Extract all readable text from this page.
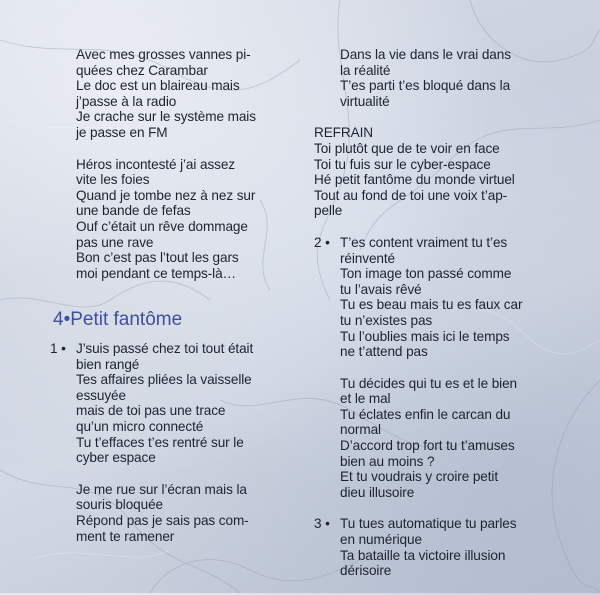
Avec mes grosses vannes pi-
quées chez Carambar
Le doc est un blaireau mais
j’passe à la radio
Je crache sur le système mais
je passe en FM
Héros incontesté j’ai assez
vite les foies
Quand je tombe nez à nez sur
une bande de fefas
Ouf c’était un rêve dommage
pas une rave
Bon c’est pas l’tout les gars
moi pendant ce temps-là…
4•Petit fantôme
1 • J’suis passé chez toi tout était
bien rangé
Tes affaires pliées la vaisselle
essuyée
mais de toi pas une trace
qu’un micro connecté
Tu t’effaces t’es rentré sur le
cyber espace
Je me rue sur l’écran mais la
souris bloquée
Répond pas je sais pas com-
ment te ramener
Dans la vie dans le vrai dans
la réalité
T’es parti t’es bloqué dans la
virtualité
REFRAIN
Toi plutôt que de te voir en face
Toi tu fuis sur le cyber-espace
Hé petit fantôme du monde virtuel
Tout au fond de toi une voix t’ap-
pelle
2 • T’es content vraiment tu t’es
réinventé
Ton image ton passé comme
tu l’avais rêvé
Tu es beau mais tu es faux car
tu n’existes pas
Tu l’oublies mais ici le temps
ne t’attend pas
Tu décides qui tu es et le bien
et le mal
Tu éclates enfin le carcan du
normal
D’accord trop fort tu t’amuses
bien au moins ?
Et tu voudrais y croire petit
dieu illusoire
3 • Tu tues automatique tu parles
en numérique
Ta bataille ta victoire illusion
dérisoire
